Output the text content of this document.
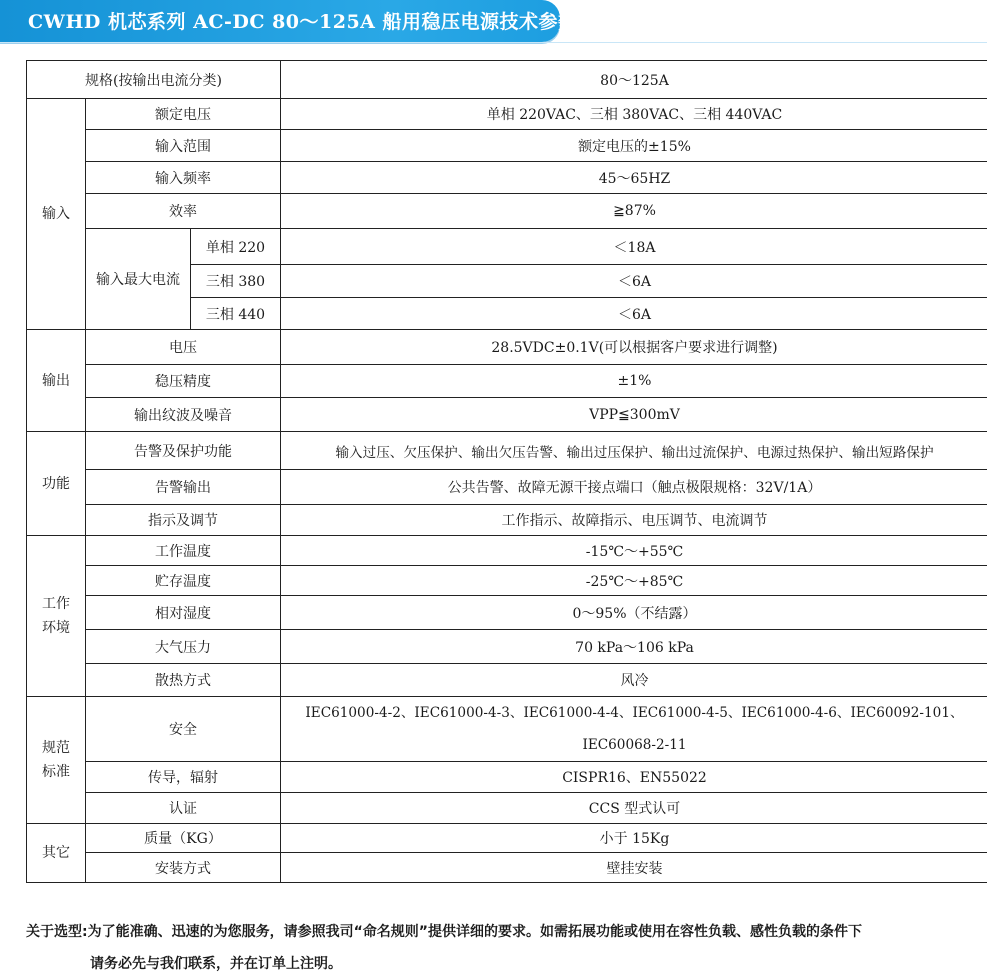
CWHD 机芯系列 AC-DC 80～125A 船用稳压电源技术参数
规格(按输出电流分类)			80～125A
输入	额定电压		单相 220VAC、三相 380VAC、三相 440VAC
	输入范围		额定电压的±15%
	输入频率		45～65HZ
	效率		≧87%
	输入最大电流	单相 220	＜18A
		三相 380	＜6A
		三相 440	＜6A
输出	电压		28.5VDC±0.1V(可以根据客户要求进行调整)
	稳压精度		±1%
	输出纹波及噪音		VPP≦300mV
功能	告警及保护功能		输入过压、欠压保护、输出欠压告警、输出过压保护、输出过流保护、电源过热保护、输出短路保护
	告警输出		公共告警、故障无源干接点端口（触点极限规格：32V/1A）
	指示及调节		工作指示、故障指示、电压调节、电流调节
工作
环境	工作温度		-15℃～+55℃
	贮存温度		-25℃～+85℃
	相对湿度		0～95%（不结露）
	大气压力		70 kPa～106 kPa
	散热方式		风冷
规范
标准	安全		IEC61000-4-2、IEC61000-4-3、IEC61000-4-4、IEC61000-4-5、IEC61000-4-6、IEC60092-101、
IEC60068-2-11
	传导，辐射		CISPR16、EN55022
	认证		CCS 型式认可
其它	质量（KG）		小于 15Kg
	安装方式		壁挂安装
关于选型:为了能准确、迅速的为您服务，请参照我司“命名规则”提供详细的要求。如需拓展功能或使用在容性负载、感性负载的条件下
请务必先与我们联系，并在订单上注明。
